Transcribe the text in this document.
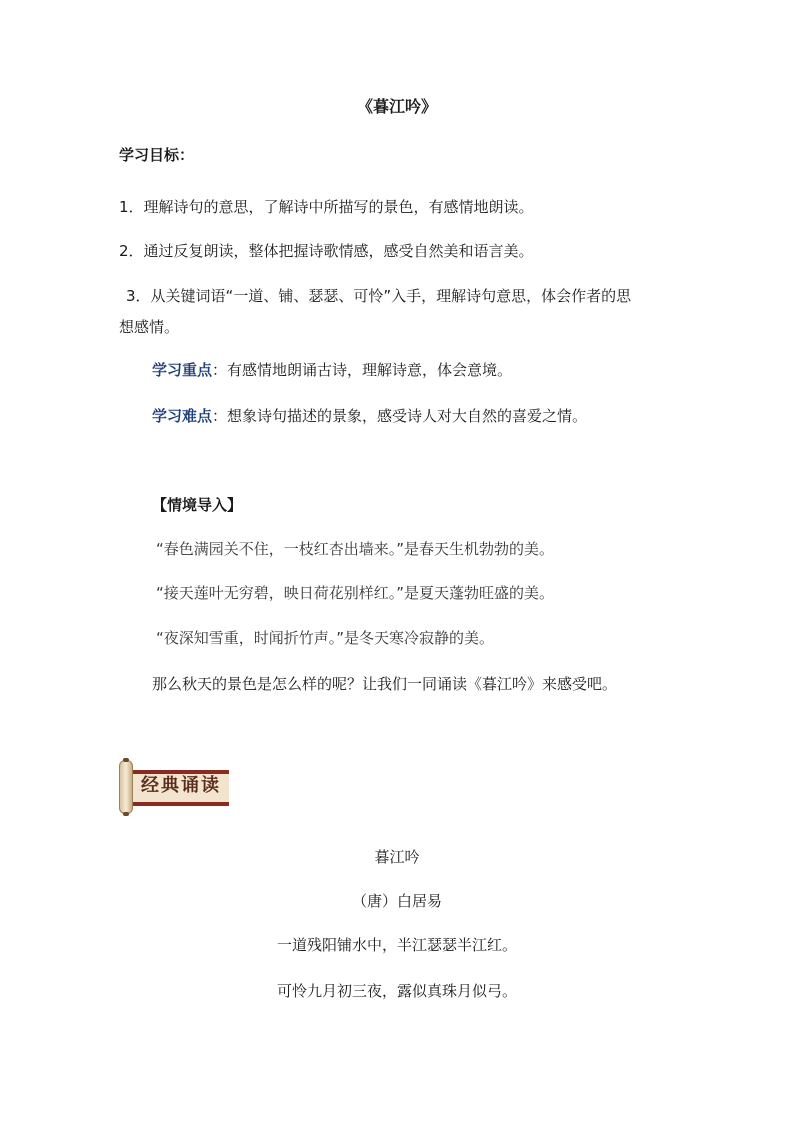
《暮江吟》
学习目标：
1．理解诗句的意思，了解诗中所描写的景色，有感情地朗读。
2．通过反复朗读，整体把握诗歌情感，感受自然美和语言美。
3．从关键词语“一道、铺、瑟瑟、可怜”入手，理解诗句意思，体会作者的思
想感情。
学习重点：有感情地朗诵古诗，理解诗意，体会意境。
学习难点：想象诗句描述的景象，感受诗人对大自然的喜爱之情。
【情境导入】
“春色满园关不住，一枝红杏出墙来。”是春天生机勃勃的美。
“接天莲叶无穷碧，映日荷花别样红。”是夏天蓬勃旺盛的美。
“夜深知雪重，时闻折竹声。”是冬天寒冷寂静的美。
那么秋天的景色是怎么样的呢？让我们一同诵读《暮江吟》来感受吧。
经典诵读
暮江吟
（唐）白居易
一道残阳铺水中，半江瑟瑟半江红。
可怜九月初三夜，露似真珠月似弓。
